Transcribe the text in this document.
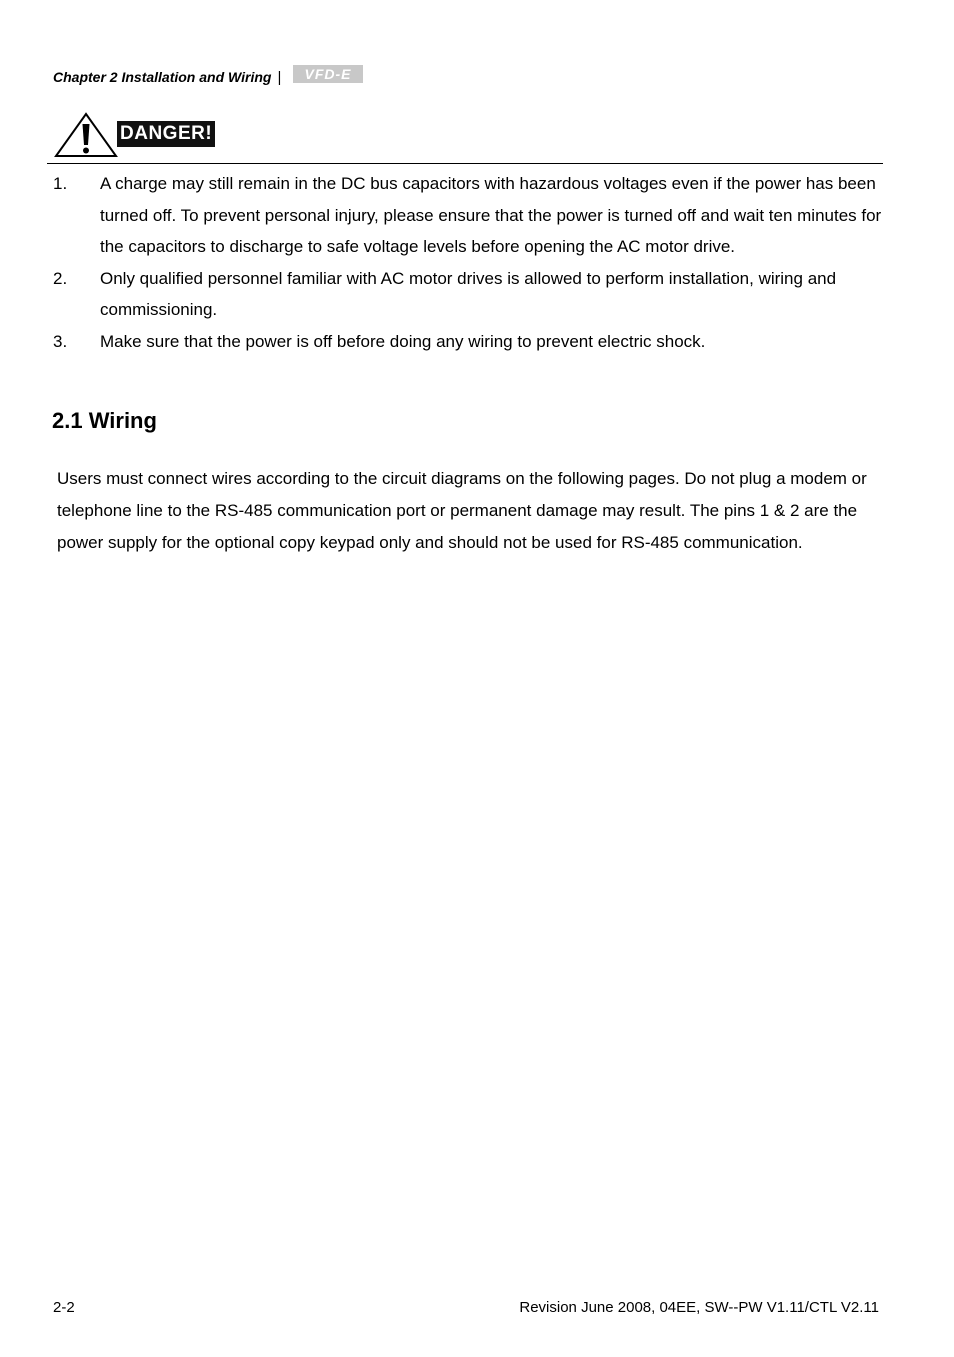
Chapter 2 Installation and Wiring | VFD-E
DANGER!
1.	A charge may still remain in the DC bus capacitors with hazardous voltages even if the power has been turned off. To prevent personal injury, please ensure that the power is turned off and wait ten minutes for the capacitors to discharge to safe voltage levels before opening the AC motor drive.
2.	Only qualified personnel familiar with AC motor drives is allowed to perform installation, wiring and commissioning.
3.	Make sure that the power is off before doing any wiring to prevent electric shock.
2.1 Wiring
Users must connect wires according to the circuit diagrams on the following pages. Do not plug a modem or telephone line to the RS-485 communication port or permanent damage may result. The pins 1 & 2 are the power supply for the optional copy keypad only and should not be used for RS-485 communication.
2-2	Revision June 2008, 04EE, SW--PW V1.11/CTL V2.11
